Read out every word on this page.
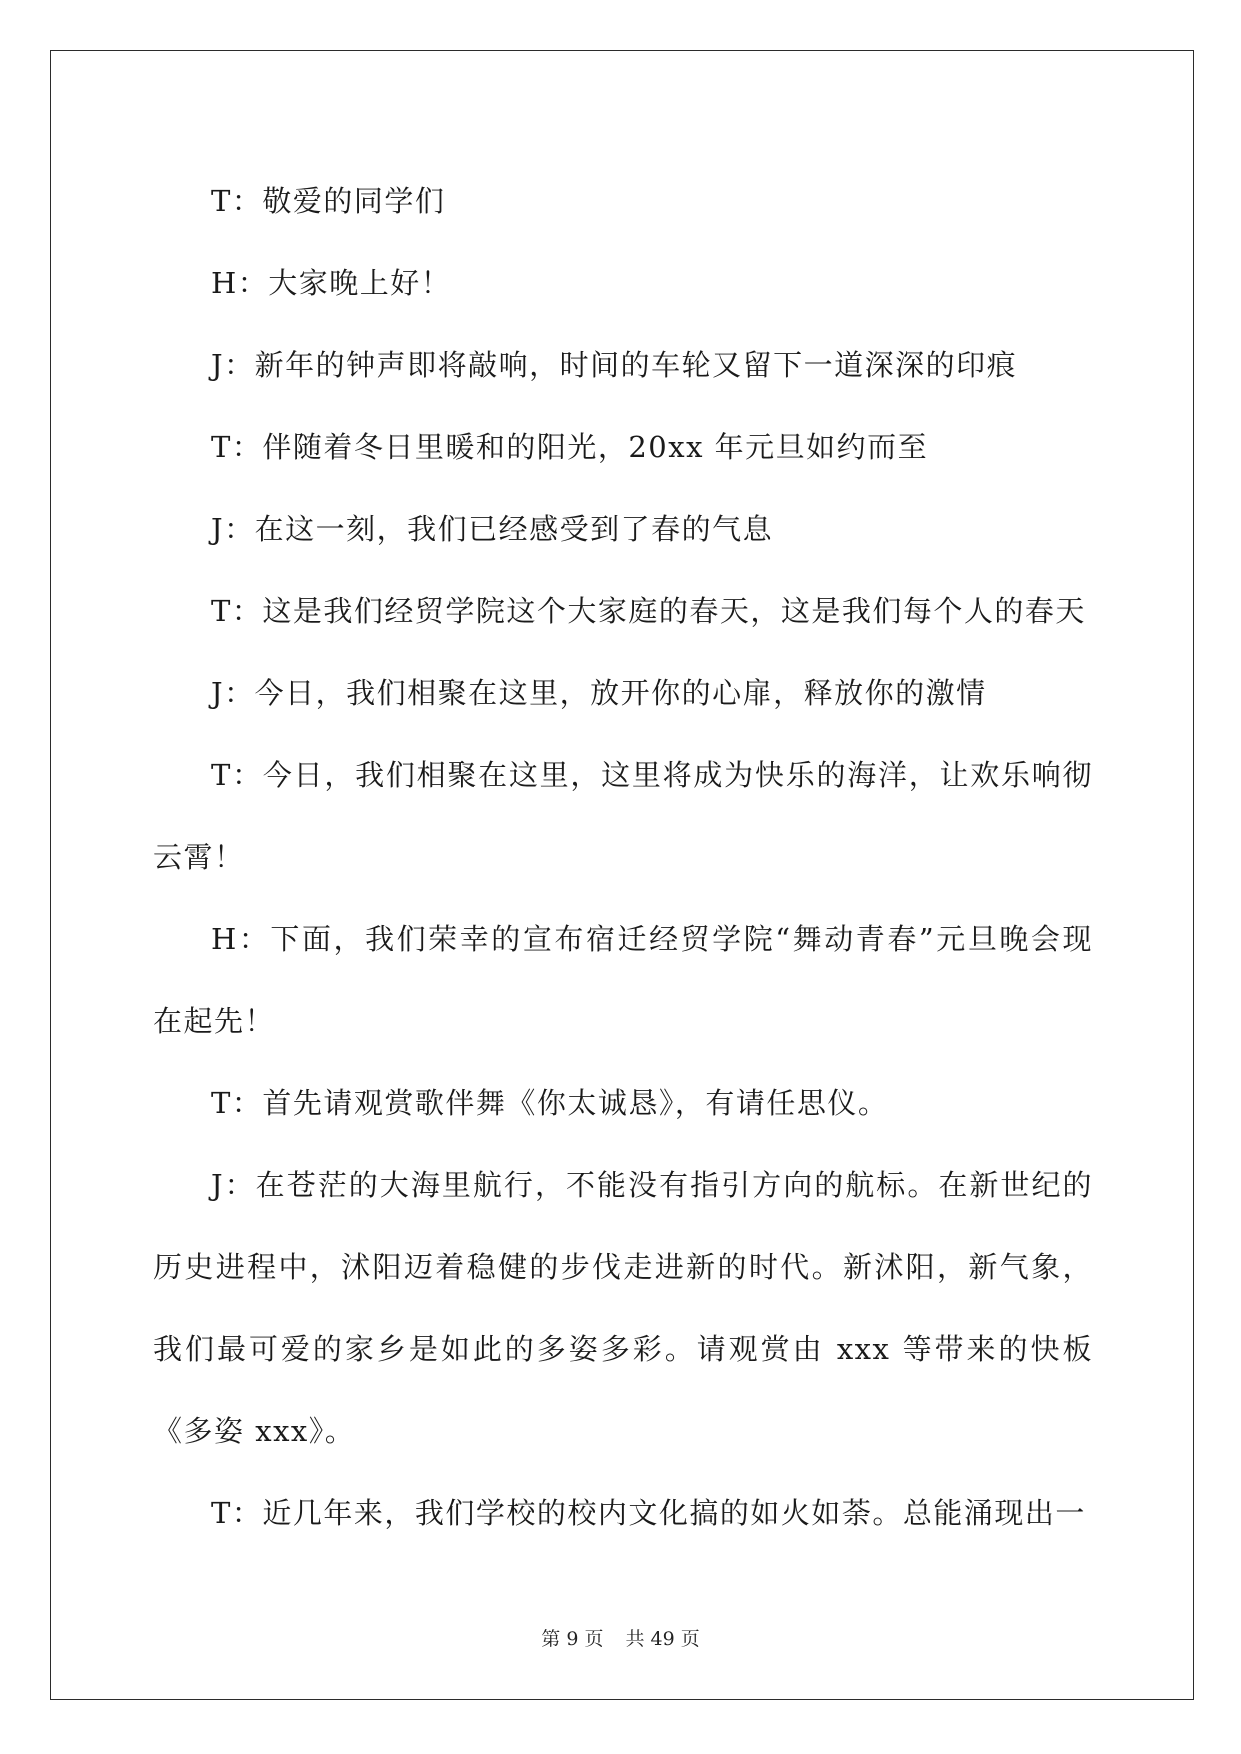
T：敬爱的同学们

H：大家晚上好！

J：新年的钟声即将敲响，时间的车轮又留下一道深深的印痕

T：伴随着冬日里暖和的阳光，20xx 年元旦如约而至

J：在这一刻，我们已经感受到了春的气息

T：这是我们经贸学院这个大家庭的春天，这是我们每个人的春天

J：今日，我们相聚在这里，放开你的心扉，释放你的激情

T：今日，我们相聚在这里，这里将成为快乐的海洋，让欢乐响彻云霄！

H：下面，我们荣幸的宣布宿迁经贸学院“舞动青春”元旦晚会现在起先！

T：首先请观赏歌伴舞《你太诚恳》，有请任思仪。

J：在苍茫的大海里航行，不能没有指引方向的航标。在新世纪的历史进程中，沭阳迈着稳健的步伐走进新的时代。新沭阳，新气象，我们最可爱的家乡是如此的多姿多彩。请观赏由 xxx 等带来的快板《多姿 xxx》。

T：近几年来，我们学校的校内文化搞的如火如荼。总能涌现出一

第 9 页 共 49 页
